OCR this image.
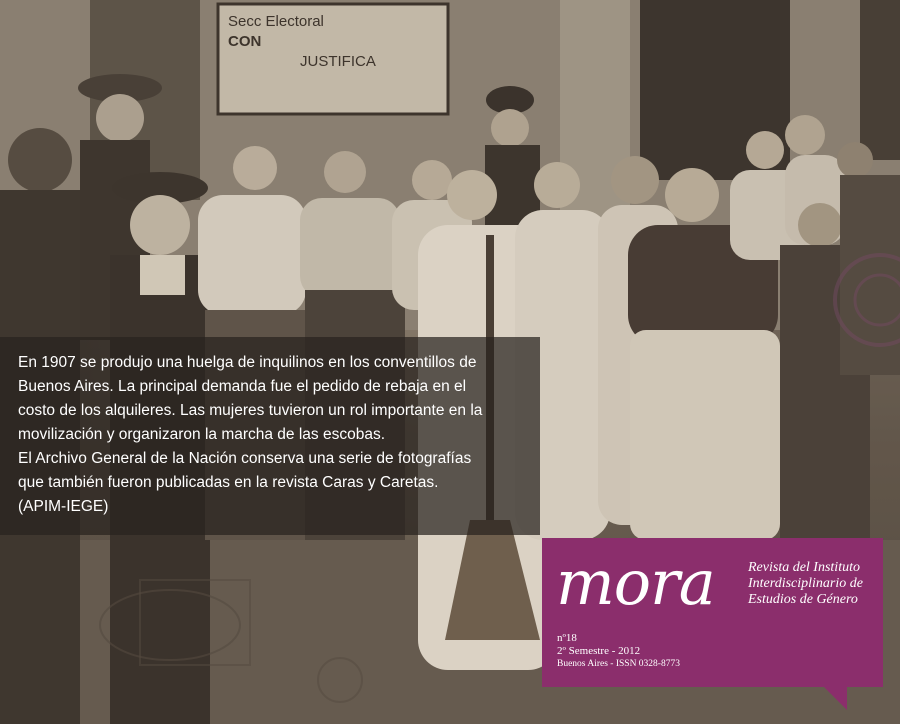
Secc Electoral
CON
JUSTIFICA

En 1907 se produjo una huelga de inquilinos en los conventillos de
Buenos Aires. La principal demanda fue el pedido de rebaja en el
costo de los alquileres. Las mujeres tuvieron un rol importante en la
movilización y organizaron la marcha de las escobas.
El Archivo General de la Nación conserva una serie de fotografías
que también fueron publicadas en la revista Caras y Caretas.
(APIM-IEGE)

mora Revista del Instituto
Interdisciplinario de
Estudios de Género
nº18
2º Semestre - 2012
Buenos Aires - ISSN 0328-8773
